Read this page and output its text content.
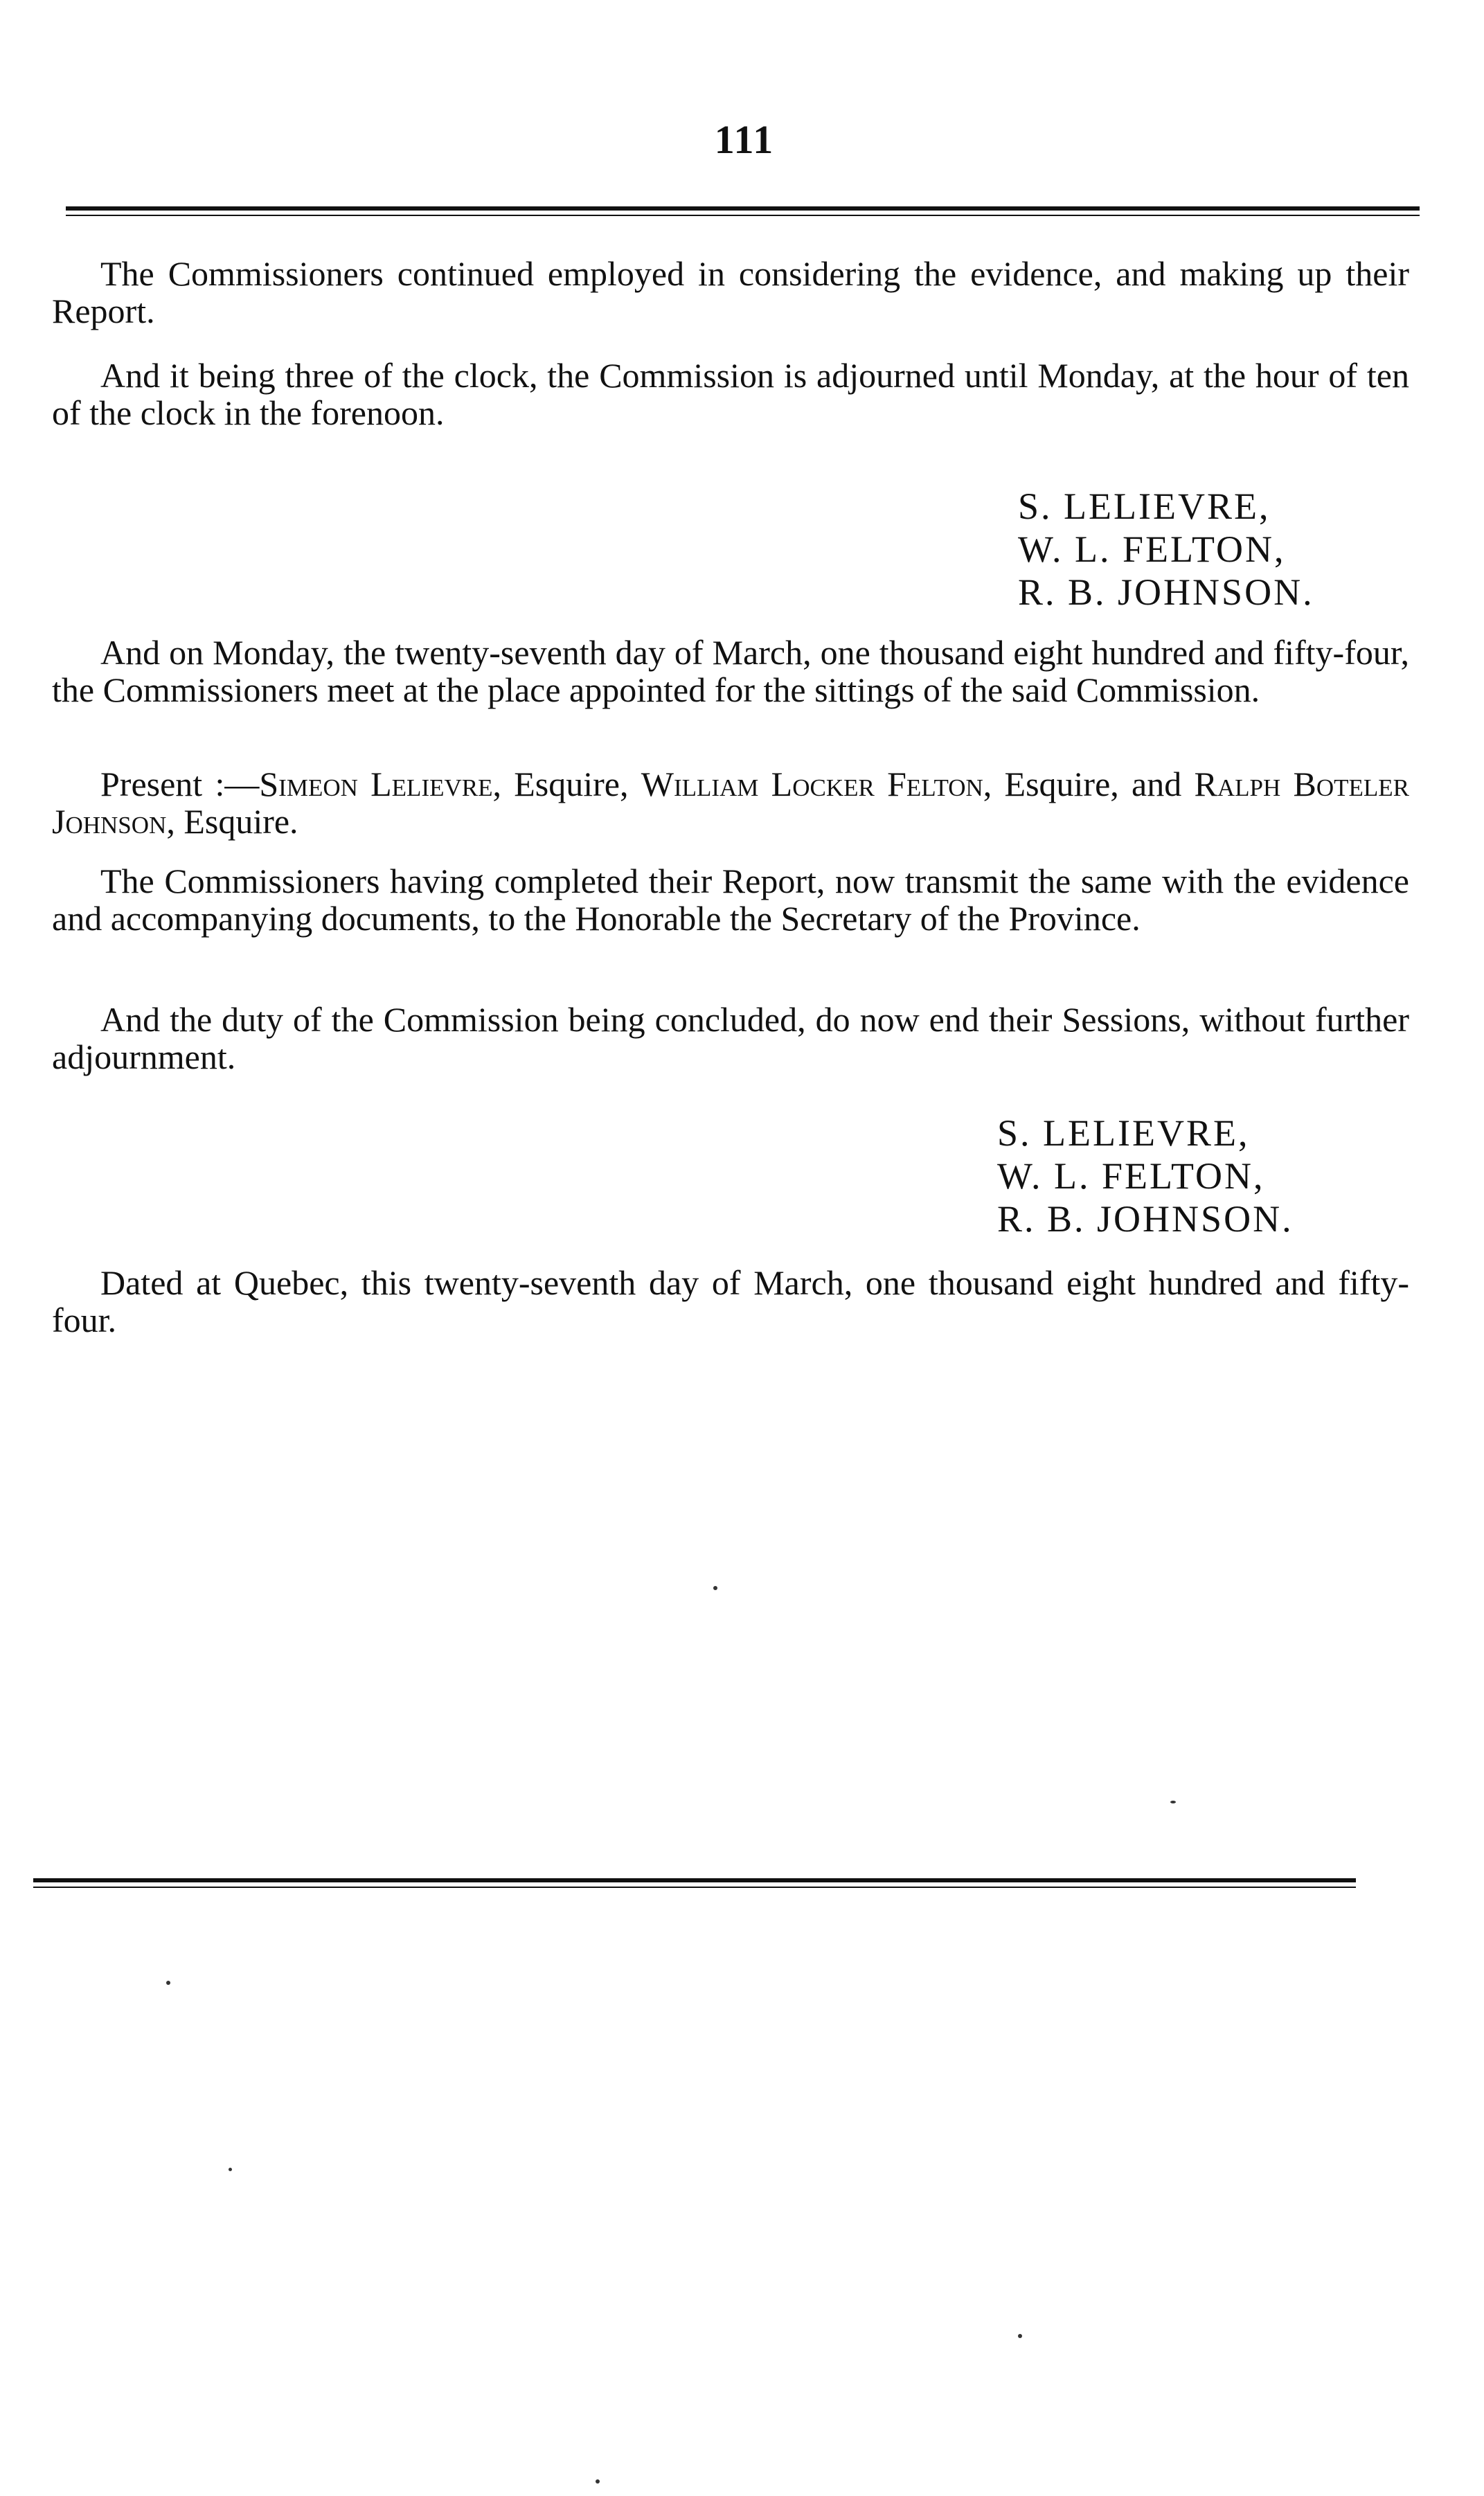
111

The Commissioners continued employed in considering the evidence, and making up their Report.

And it being three of the clock, the Commission is adjourned until Monday, at the hour of ten of the clock in the forenoon.

S. LELIEVRE,
W. L. FELTON,
R. B. JOHNSON.

And on Monday, the twenty-seventh day of March, one thousand eight hundred and fifty-four, the Commissioners meet at the place appointed for the sittings of the said Commission.

Present :—Simeon Lelievre, Esquire, William Locker Felton, Esquire, and Ralph Boteler Johnson, Esquire.

The Commissioners having completed their Report, now transmit the same with the evidence and accompanying documents, to the Honorable the Secretary of the Province.

And the duty of the Commission being concluded, do now end their Sessions, without further adjournment.

S. LELIEVRE,
W. L. FELTON,
R. B. JOHNSON.

Dated at Quebec, this twenty-seventh day of March, one thousand eight hundred and fifty-four.
